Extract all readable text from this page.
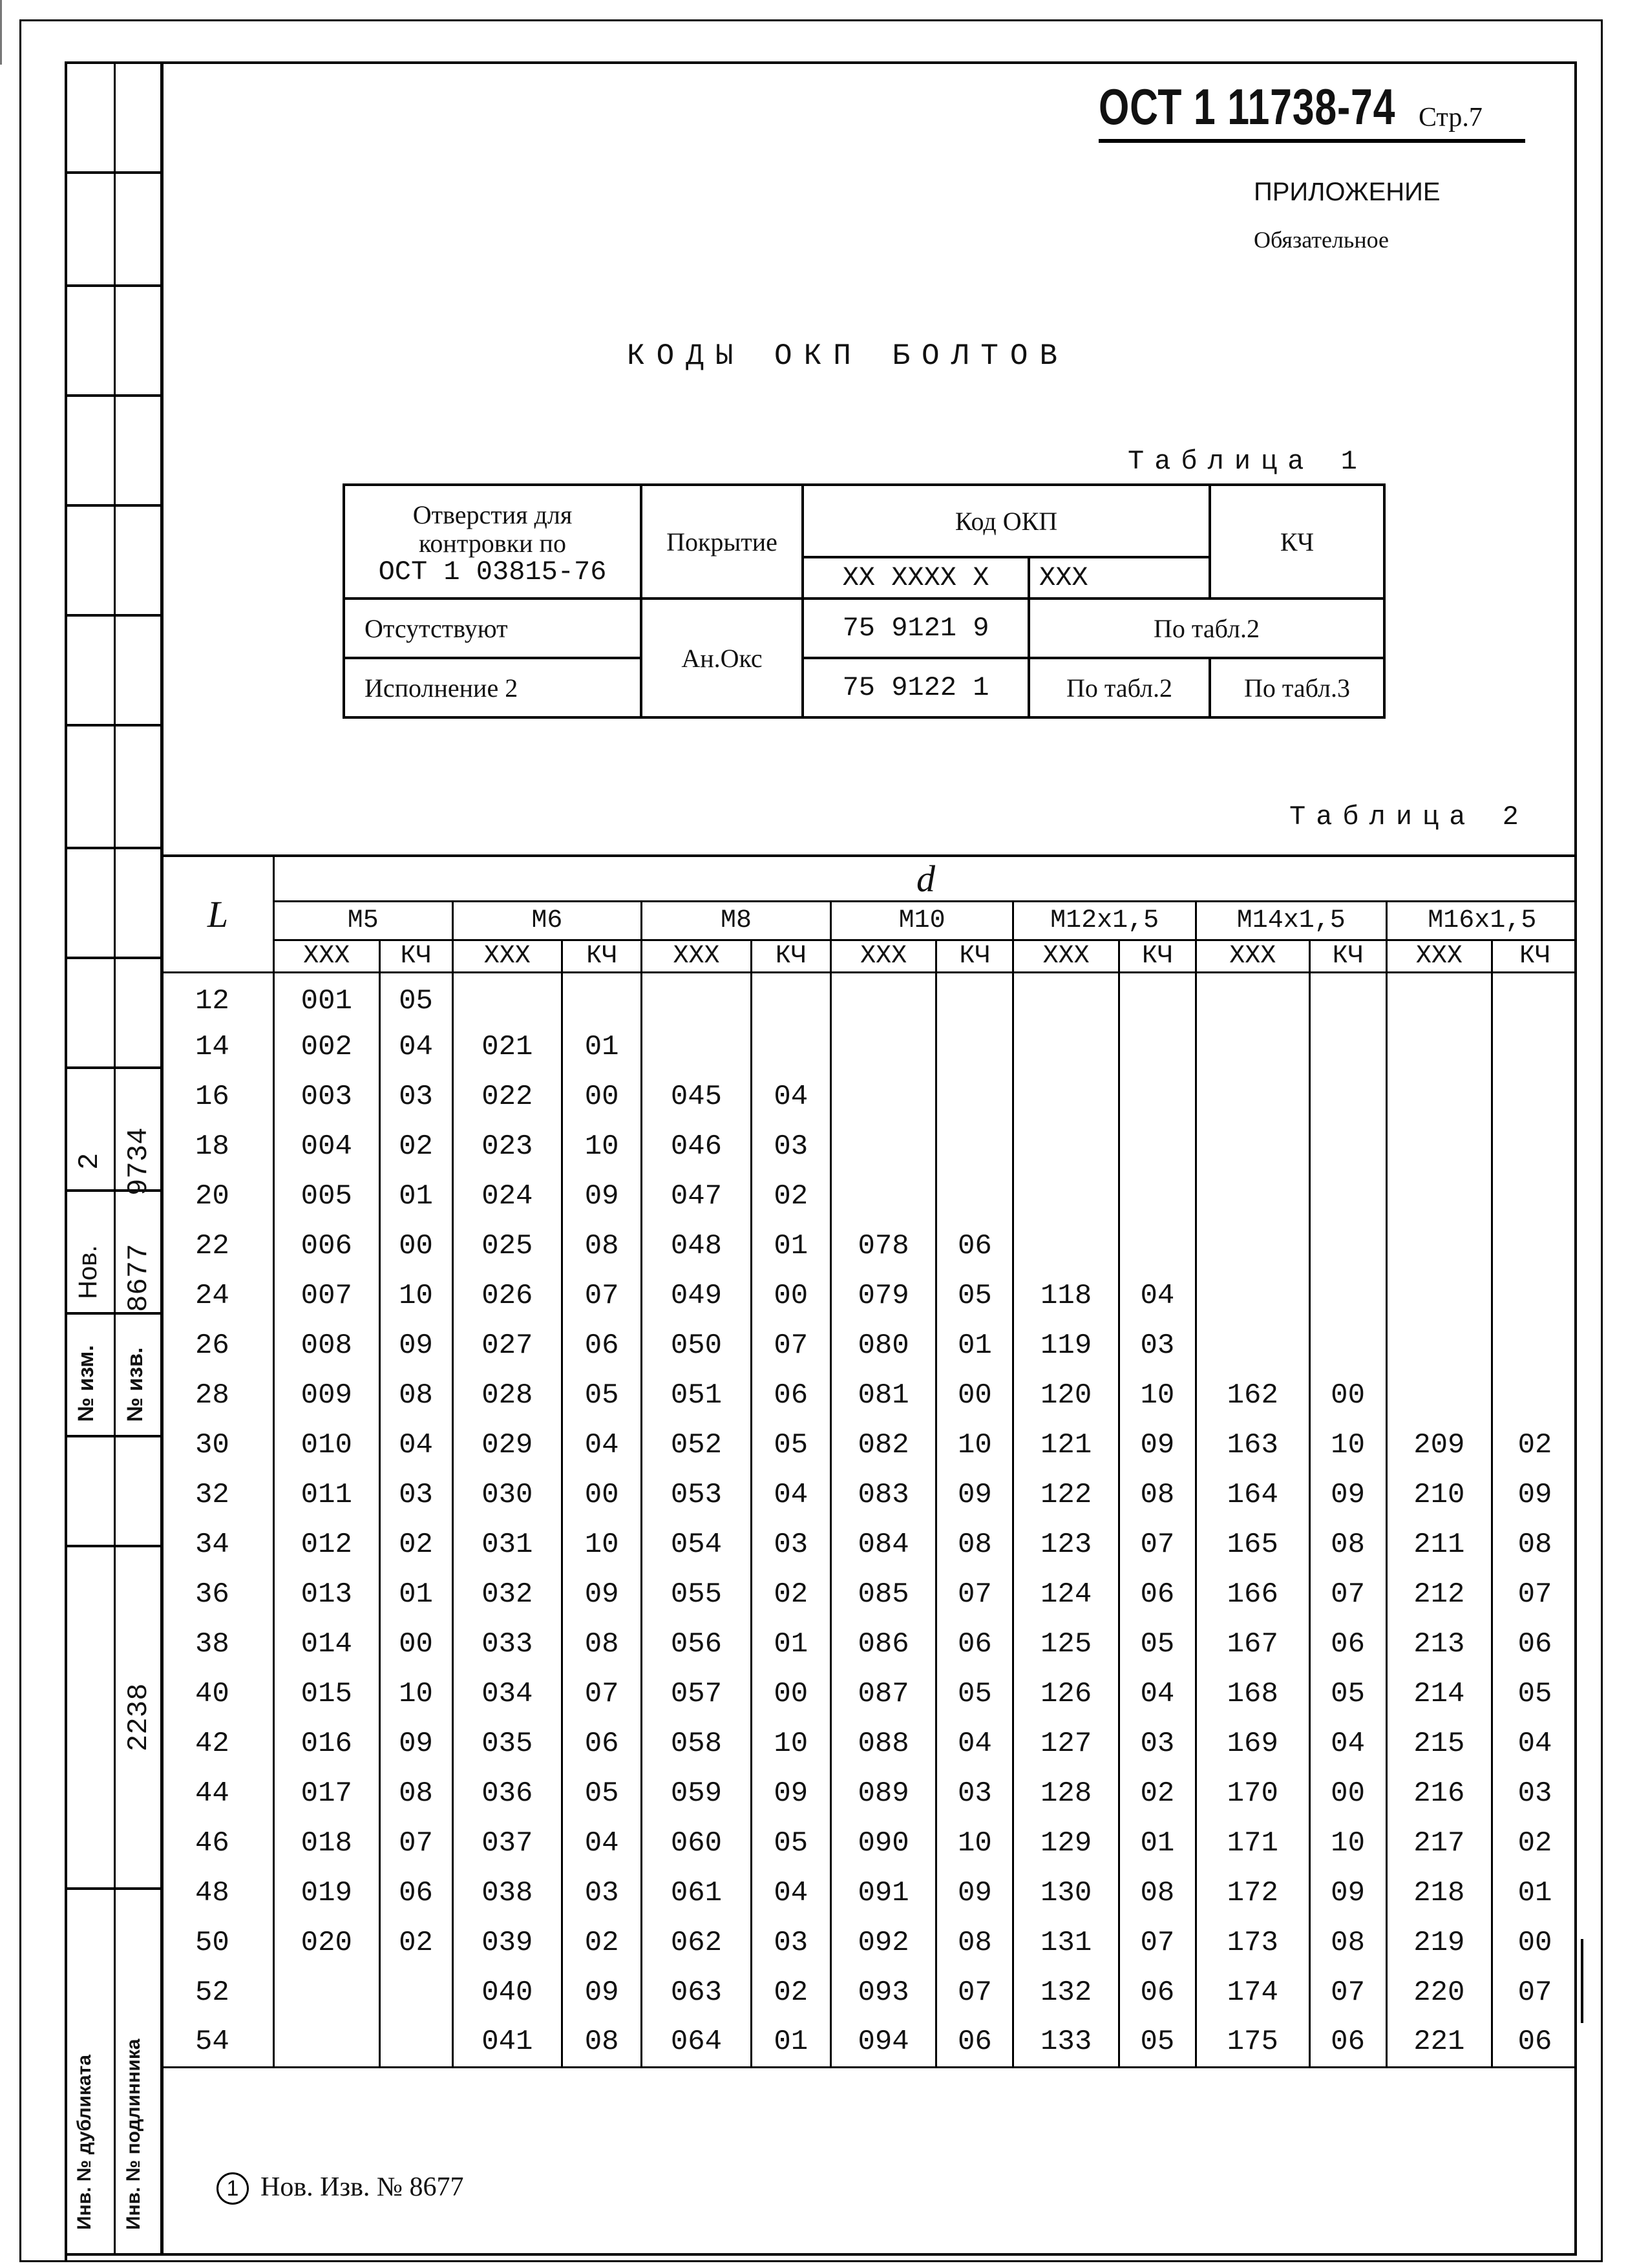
2 9734
Нов. 8677
№ изм. № изв.
2238
Инв. № дубликата Инв. № подлинника
ОСТ 1 11738-74 Стр.7
ПРИЛОЖЕНИЕ
Обязательное
КОДЫ ОКП БОЛТОВ
Таблица 1
Отверстия для контровки по
ОСТ 1 03815-76	Покрытие	Код ОКП		КЧ
		XX XXXX X	XXX	
Отсутствуют	Ан.Окс	75 9121 9	По табл.2	
Исполнение 2		75 9122 1	По табл.2	По табл.3
Таблица 2
L	d													
	M5		M6		M8		M10		M12x1,5		M14x1,5		M16x1,5	
	XXX	КЧ	XXX	КЧ	XXX	КЧ	XXX	КЧ	XXX	КЧ	XXX	КЧ	XXX	КЧ
12	001	05												
14	002	04	021	01										
16	003	03	022	00	045	04								
18	004	02	023	10	046	03								
20	005	01	024	09	047	02								
22	006	00	025	08	048	01	078	06						
24	007	10	026	07	049	00	079	05	118	04				
26	008	09	027	06	050	07	080	01	119	03				
28	009	08	028	05	051	06	081	00	120	10	162	00		
30	010	04	029	04	052	05	082	10	121	09	163	10	209	02
32	011	03	030	00	053	04	083	09	122	08	164	09	210	09
34	012	02	031	10	054	03	084	08	123	07	165	08	211	08
36	013	01	032	09	055	02	085	07	124	06	166	07	212	07
38	014	00	033	08	056	01	086	06	125	05	167	06	213	06
40	015	10	034	07	057	00	087	05	126	04	168	05	214	05
42	016	09	035	06	058	10	088	04	127	03	169	04	215	04
44	017	08	036	05	059	09	089	03	128	02	170	00	216	03
46	018	07	037	04	060	05	090	10	129	01	171	10	217	02
48	019	06	038	03	061	04	091	09	130	08	172	09	218	01
50	020	02	039	02	062	03	092	08	131	07	173	08	219	00
52			040	09	063	02	093	07	132	06	174	07	220	07
54			041	08	064	01	094	06	133	05	175	06	221	06
1 Нов. Изв. № 8677
